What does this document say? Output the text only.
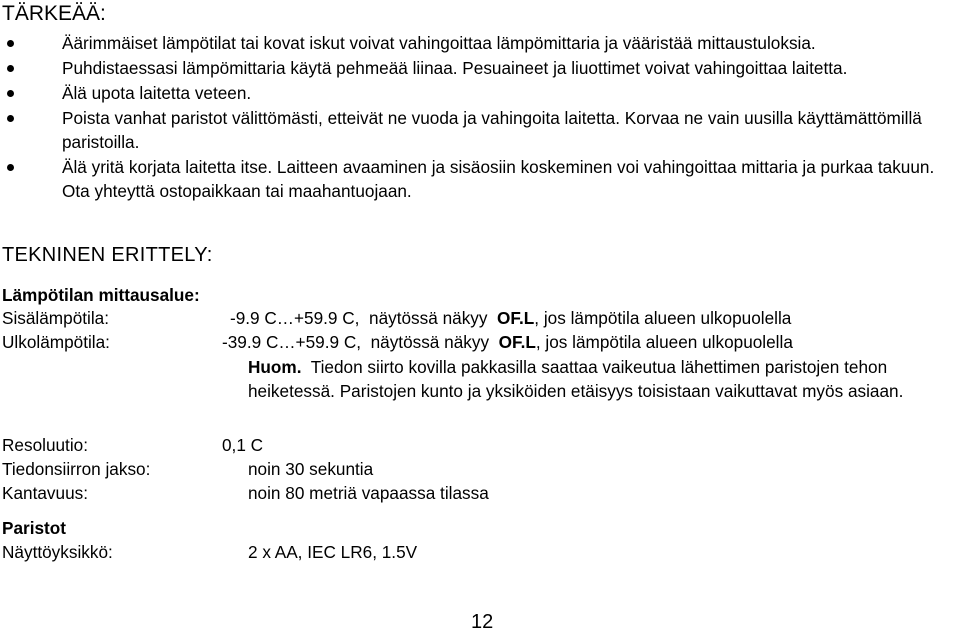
TÄRKEÄÄ:
Äärimmäiset lämpötilat tai kovat iskut voivat vahingoittaa lämpömittaria ja vääristää mittaustuloksia.
Puhdistaessasi lämpömittaria käytä pehmeää liinaa. Pesuaineet ja liuottimet voivat vahingoittaa laitetta.
Älä upota laitetta veteen.
Poista vanhat paristot välittömästi, etteivät ne vuoda ja vahingoita laitetta. Korvaa ne vain uusilla käyttämättömillä paristoilla.
Älä yritä korjata laitetta itse. Laitteen avaaminen ja sisäosiin koskeminen voi vahingoittaa mittaria ja purkaa takuun. Ota yhteyttä ostopaikkaan tai maahantuojaan.
TEKNINEN ERITTELY:
Lämpötilan mittausalue:
Sisälämpötila:	-9.9 C…+59.9 C, näytössä näkyy OF.L, jos lämpötila alueen ulkopuolella
Ulkolämpötila:	-39.9 C…+59.9 C, näytössä näkyy OF.L, jos lämpötila alueen ulkopuolella
Huom. Tiedon siirto kovilla pakkasilla saattaa vaikeutua lähettimen paristojen tehon heiketessä. Paristojen kunto ja yksiköiden etäisyys toisistaan vaikuttavat myös asiaan.
Resoluutio:	0,1 C
Tiedonsiirron jakso:	noin 30 sekuntia
Kantavuus:	noin 80 metriä vapaassa tilassa
Paristot
Näyttöyksikkö:	2 x AA, IEC LR6, 1.5V
12
